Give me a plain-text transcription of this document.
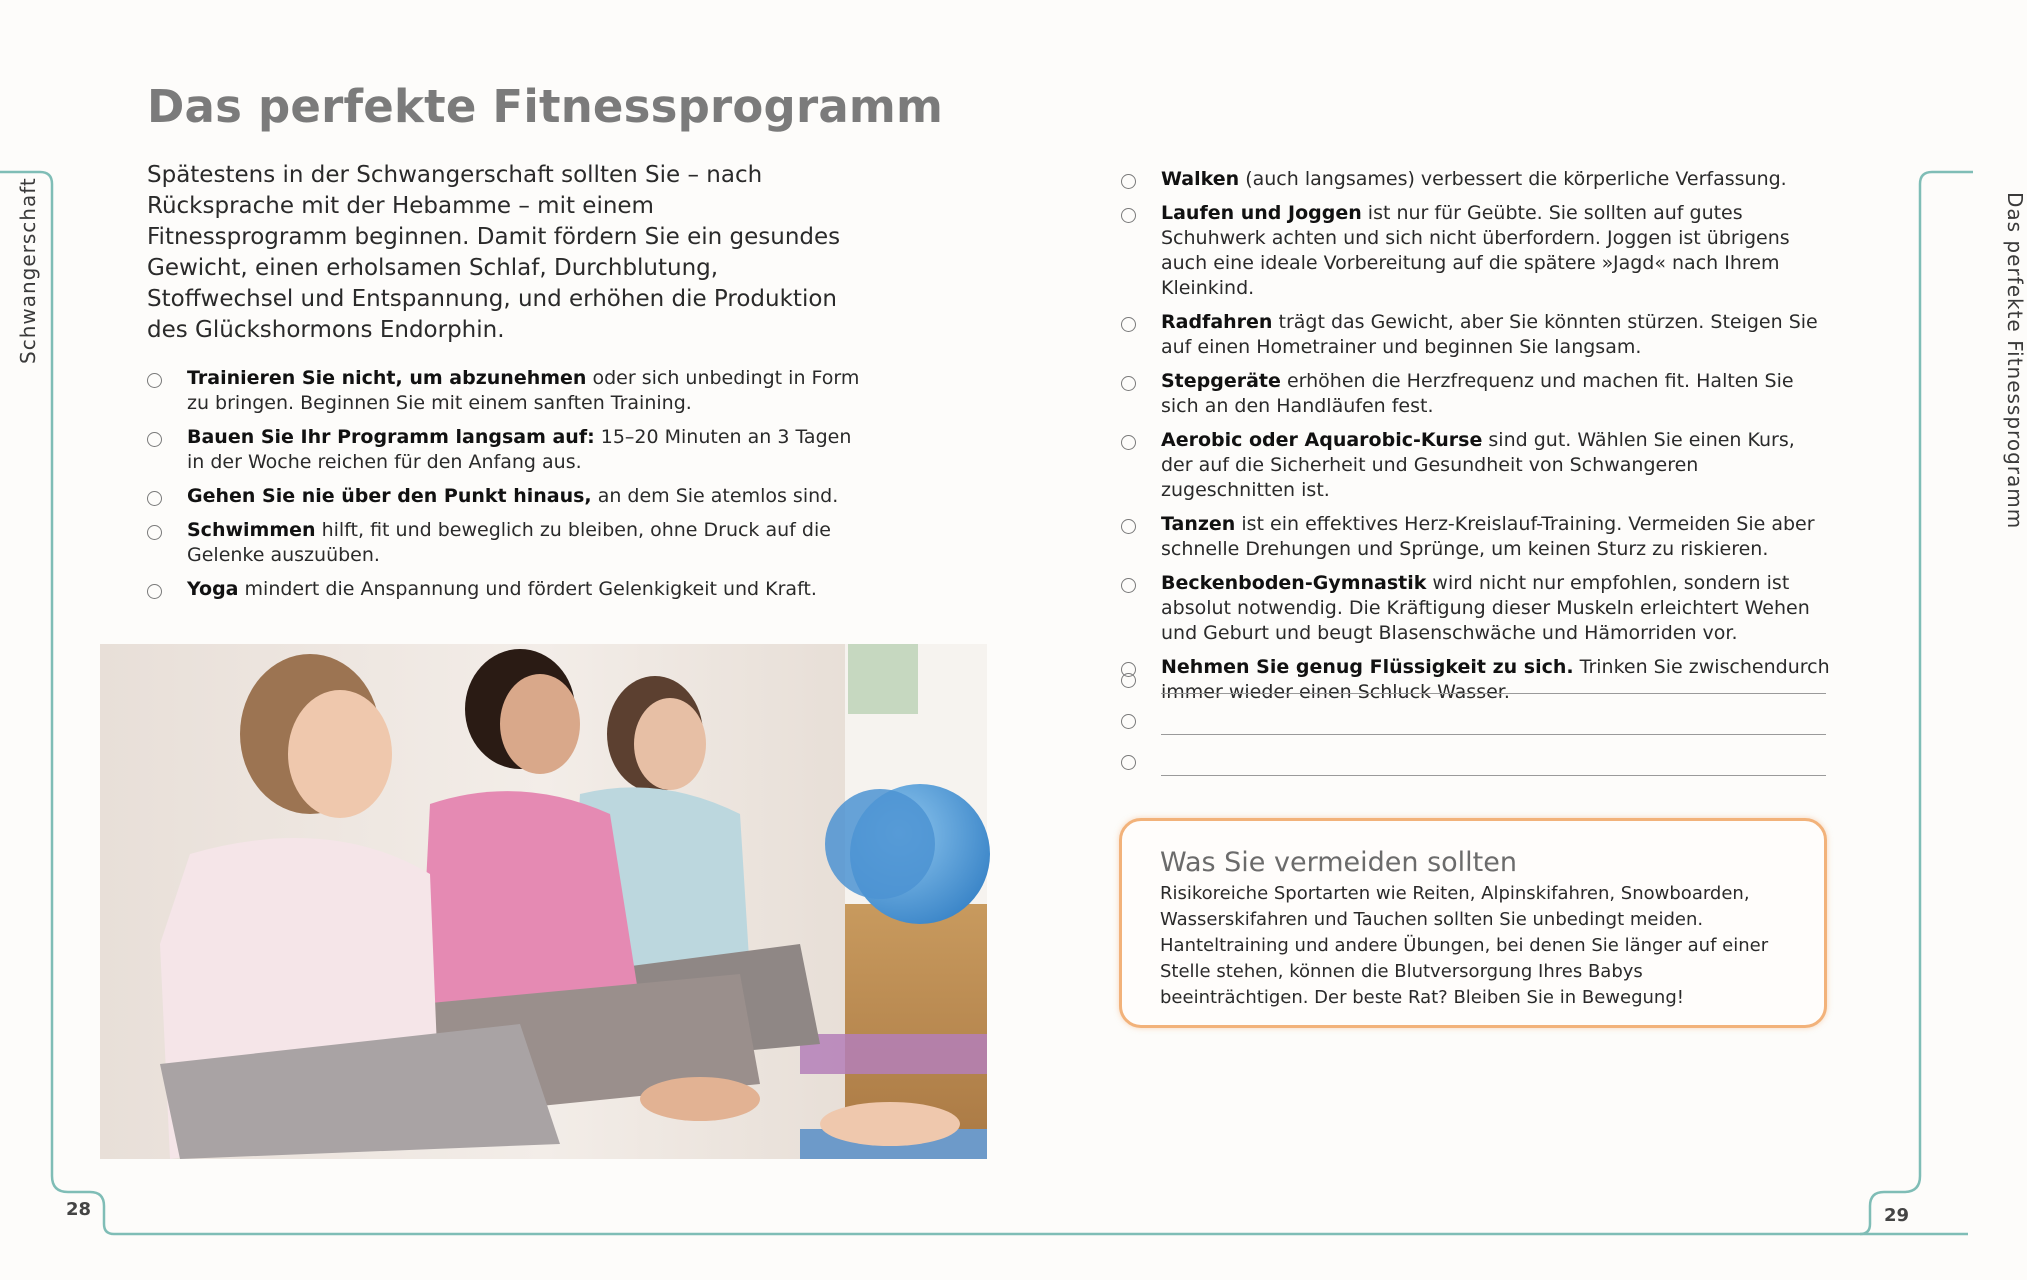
Schwangerschaft	Das perfekte Fitnessprogramm
28	29
Das perfekte Fitnessprogramm
Spätestens in der Schwangerschaft sollten Sie – nach Rücksprache mit der Hebamme – mit einem Fitnessprogramm beginnen. Damit fördern Sie ein gesundes Gewicht, einen erholsamen Schlaf, Durchblutung, Stoffwechsel und Entspannung, und erhöhen die Produktion des Glückshormons Endorphin.
Trainieren Sie nicht, um abzunehmen oder sich unbedingt in Form zu bringen. Beginnen Sie mit einem sanften Training.
Bauen Sie Ihr Programm langsam auf: 15–20 Minuten an 3 Tagen in der Woche reichen für den Anfang aus.
Gehen Sie nie über den Punkt hinaus, an dem Sie atemlos sind.
Schwimmen hilft, fit und beweglich zu bleiben, ohne Druck auf die Gelenke auszuüben.
Yoga mindert die Anspannung und fördert Gelenkigkeit und Kraft.
Walken (auch langsames) verbessert die körperliche Verfassung.
Laufen und Joggen ist nur für Geübte. Sie sollten auf gutes Schuhwerk achten und sich nicht überfordern. Joggen ist übrigens auch eine ideale Vorbereitung auf die spätere »Jagd« nach Ihrem Kleinkind.
Radfahren trägt das Gewicht, aber Sie könnten stürzen. Steigen Sie auf einen Hometrainer und beginnen Sie langsam.
Stepgeräte erhöhen die Herzfrequenz und machen fit. Halten Sie sich an den Handläufen fest.
Aerobic oder Aquarobic-Kurse sind gut. Wählen Sie einen Kurs, der auf die Sicherheit und Gesundheit von Schwangeren zugeschnitten ist.
Tanzen ist ein effektives Herz-Kreislauf-Training. Vermeiden Sie aber schnelle Drehungen und Sprünge, um keinen Sturz zu riskieren.
Beckenboden-Gymnastik wird nicht nur empfohlen, sondern ist absolut notwendig. Die Kräftigung dieser Muskeln erleichtert Wehen und Geburt und beugt Blasenschwäche und Hämorriden vor.
Nehmen Sie genug Flüssigkeit zu sich. Trinken Sie zwischendurch immer wieder einen Schluck Wasser.
Was Sie vermeiden sollten

Risikoreiche Sportarten wie Reiten, Alpinskifahren, Snowboarden, Wasserskifahren und Tauchen sollten Sie unbedingt meiden. Hanteltraining und andere Übungen, bei denen Sie länger auf einer Stelle stehen, können die Blutversorgung Ihres Babys beeinträchtigen. Der beste Rat? Bleiben Sie in Bewegung!
